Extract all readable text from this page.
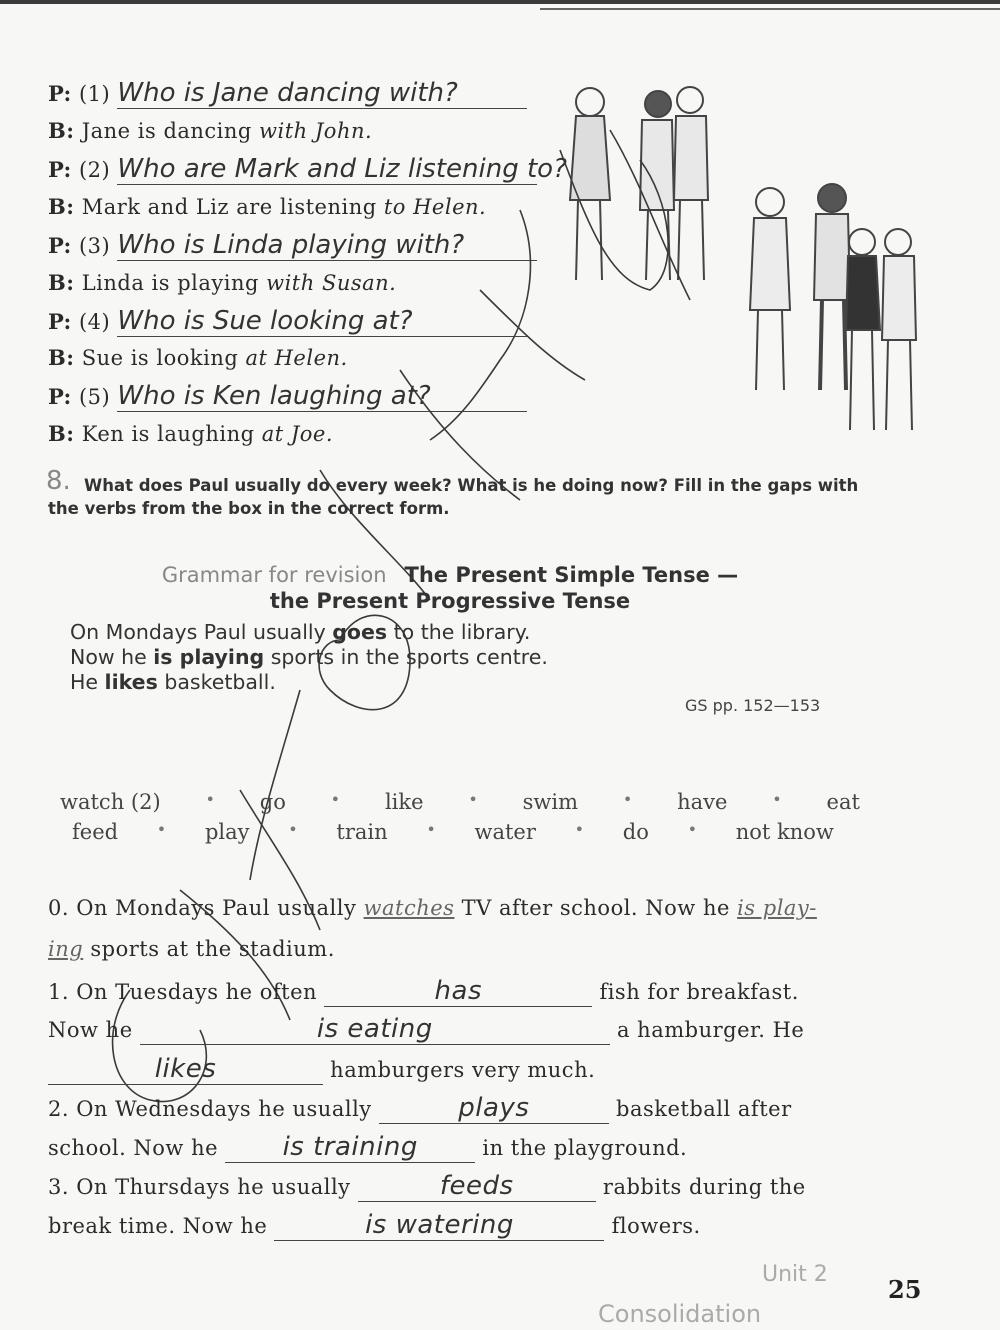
P: (1) Who is Jane dancing with?
B: Jane is dancing with John.
P: (2) Who are Mark and Liz listening to?
B: Mark and Liz are listening to Helen.
P: (3) Who is Linda playing with?
B: Linda is playing with Susan.
P: (4) Who is Sue looking at?
B: Sue is looking at Helen.
P: (5) Who is Ken laughing at?
B: Ken is laughing at Joe.
8. What does Paul usually do every week? What is he doing now? Fill in the gaps with the verbs from the box in the correct form.
Grammar for revision The Present Simple Tense —
the Present Progressive Tense
On Mondays Paul usually goes to the library.
Now he is playing sports in the sports centre.
He likes basketball.
GS pp. 152—153
watch (2)	• go	• like	• swim	• have	• eat
feed • play • train • water • do • not know
0. On Mondays Paul usually watches TV after school. Now he is play-
ing sports at the stadium.
1. On Tuesdays he often	has	fish for breakfast.
Now he	is eating	a hamburger. He
likes	hamburgers very much.
2. On Wednesdays he usually	plays	basketball after
school. Now he is training	in the playground.
3. On Thursdays he usually	feeds	rabbits during the
break time. Now he	is watering	flowers.
Unit 2
Consolidation
25
